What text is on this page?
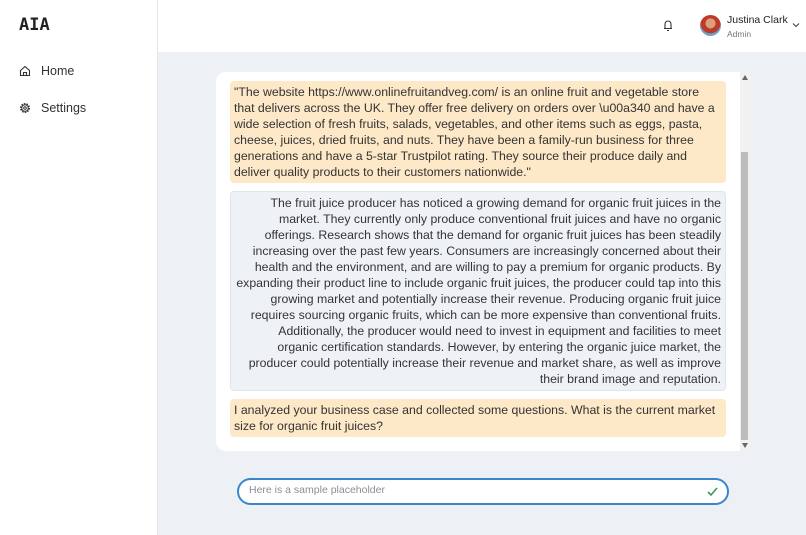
AIA
Home
Settings
Justina Clark
Admin
"The website https://www.onlinefruitandveg.com/ is an online fruit and vegetable store that delivers across the UK. They offer free delivery on orders over \u00a340 and have a wide selection of fresh fruits, salads, vegetables, and other items such as eggs, pasta, cheese, juices, dried fruits, and nuts. They have been a family-run business for three generations and have a 5-star Trustpilot rating. They source their produce daily and deliver quality products to their customers nationwide."
The fruit juice producer has noticed a growing demand for organic fruit juices in the market. They currently only produce conventional fruit juices and have no organic offerings. Research shows that the demand for organic fruit juices has been steadily increasing over the past few years. Consumers are increasingly concerned about their health and the environment, and are willing to pay a premium for organic products. By expanding their product line to include organic fruit juices, the producer could tap into this growing market and potentially increase their revenue. Producing organic fruit juice requires sourcing organic fruits, which can be more expensive than conventional fruits. Additionally, the producer would need to invest in equipment and facilities to meet organic certification standards. However, by entering the organic juice market, the producer could potentially increase their revenue and market share, as well as improve their brand image and reputation.
I analyzed your business case and collected some questions. What is the current market size for organic fruit juices?
Here is a sample placeholder
